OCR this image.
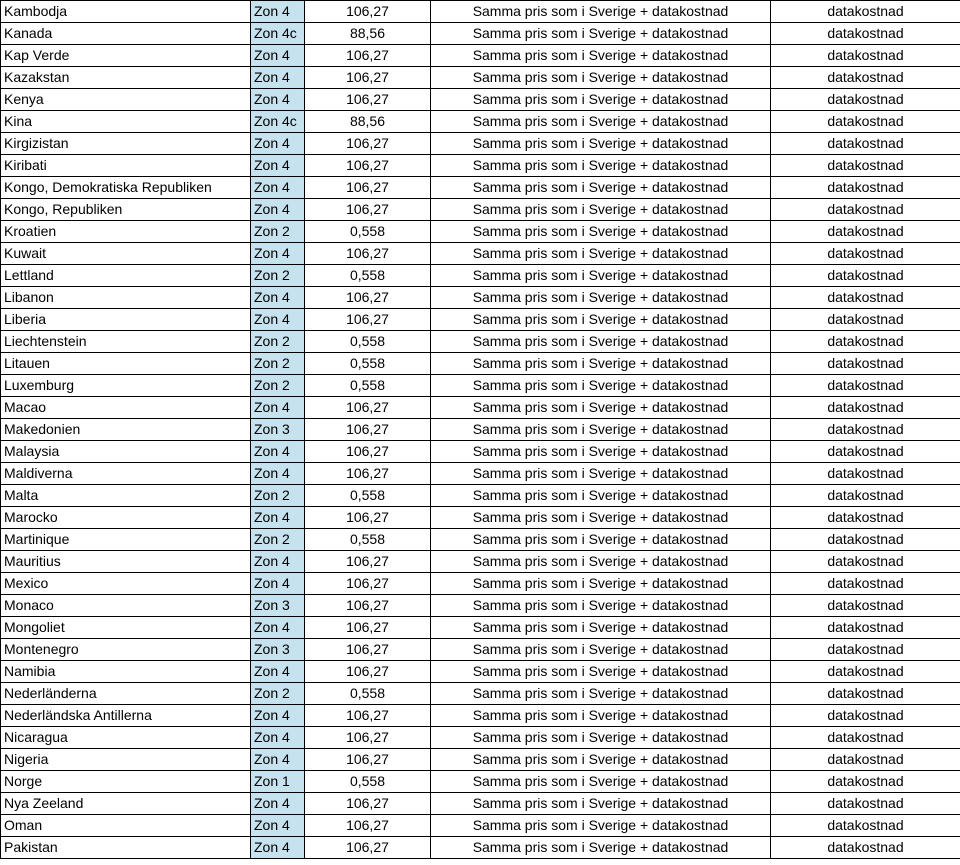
Kambodja	Zon 4	106,27	Samma pris som i Sverige + datakostnad	datakostnad
Kanada	Zon 4c	88,56	Samma pris som i Sverige + datakostnad	datakostnad
Kap Verde	Zon 4	106,27	Samma pris som i Sverige + datakostnad	datakostnad
Kazakstan	Zon 4	106,27	Samma pris som i Sverige + datakostnad	datakostnad
Kenya	Zon 4	106,27	Samma pris som i Sverige + datakostnad	datakostnad
Kina	Zon 4c	88,56	Samma pris som i Sverige + datakostnad	datakostnad
Kirgizistan	Zon 4	106,27	Samma pris som i Sverige + datakostnad	datakostnad
Kiribati	Zon 4	106,27	Samma pris som i Sverige + datakostnad	datakostnad
Kongo, Demokratiska Republiken	Zon 4	106,27	Samma pris som i Sverige + datakostnad	datakostnad
Kongo, Republiken	Zon 4	106,27	Samma pris som i Sverige + datakostnad	datakostnad
Kroatien	Zon 2	0,558	Samma pris som i Sverige + datakostnad	datakostnad
Kuwait	Zon 4	106,27	Samma pris som i Sverige + datakostnad	datakostnad
Lettland	Zon 2	0,558	Samma pris som i Sverige + datakostnad	datakostnad
Libanon	Zon 4	106,27	Samma pris som i Sverige + datakostnad	datakostnad
Liberia	Zon 4	106,27	Samma pris som i Sverige + datakostnad	datakostnad
Liechtenstein	Zon 2	0,558	Samma pris som i Sverige + datakostnad	datakostnad
Litauen	Zon 2	0,558	Samma pris som i Sverige + datakostnad	datakostnad
Luxemburg	Zon 2	0,558	Samma pris som i Sverige + datakostnad	datakostnad
Macao	Zon 4	106,27	Samma pris som i Sverige + datakostnad	datakostnad
Makedonien	Zon 3	106,27	Samma pris som i Sverige + datakostnad	datakostnad
Malaysia	Zon 4	106,27	Samma pris som i Sverige + datakostnad	datakostnad
Maldiverna	Zon 4	106,27	Samma pris som i Sverige + datakostnad	datakostnad
Malta	Zon 2	0,558	Samma pris som i Sverige + datakostnad	datakostnad
Marocko	Zon 4	106,27	Samma pris som i Sverige + datakostnad	datakostnad
Martinique	Zon 2	0,558	Samma pris som i Sverige + datakostnad	datakostnad
Mauritius	Zon 4	106,27	Samma pris som i Sverige + datakostnad	datakostnad
Mexico	Zon 4	106,27	Samma pris som i Sverige + datakostnad	datakostnad
Monaco	Zon 3	106,27	Samma pris som i Sverige + datakostnad	datakostnad
Mongoliet	Zon 4	106,27	Samma pris som i Sverige + datakostnad	datakostnad
Montenegro	Zon 3	106,27	Samma pris som i Sverige + datakostnad	datakostnad
Namibia	Zon 4	106,27	Samma pris som i Sverige + datakostnad	datakostnad
Nederländerna	Zon 2	0,558	Samma pris som i Sverige + datakostnad	datakostnad
Nederländska Antillerna	Zon 4	106,27	Samma pris som i Sverige + datakostnad	datakostnad
Nicaragua	Zon 4	106,27	Samma pris som i Sverige + datakostnad	datakostnad
Nigeria	Zon 4	106,27	Samma pris som i Sverige + datakostnad	datakostnad
Norge	Zon 1	0,558	Samma pris som i Sverige + datakostnad	datakostnad
Nya Zeeland	Zon 4	106,27	Samma pris som i Sverige + datakostnad	datakostnad
Oman	Zon 4	106,27	Samma pris som i Sverige + datakostnad	datakostnad
Pakistan	Zon 4	106,27	Samma pris som i Sverige + datakostnad	datakostnad
